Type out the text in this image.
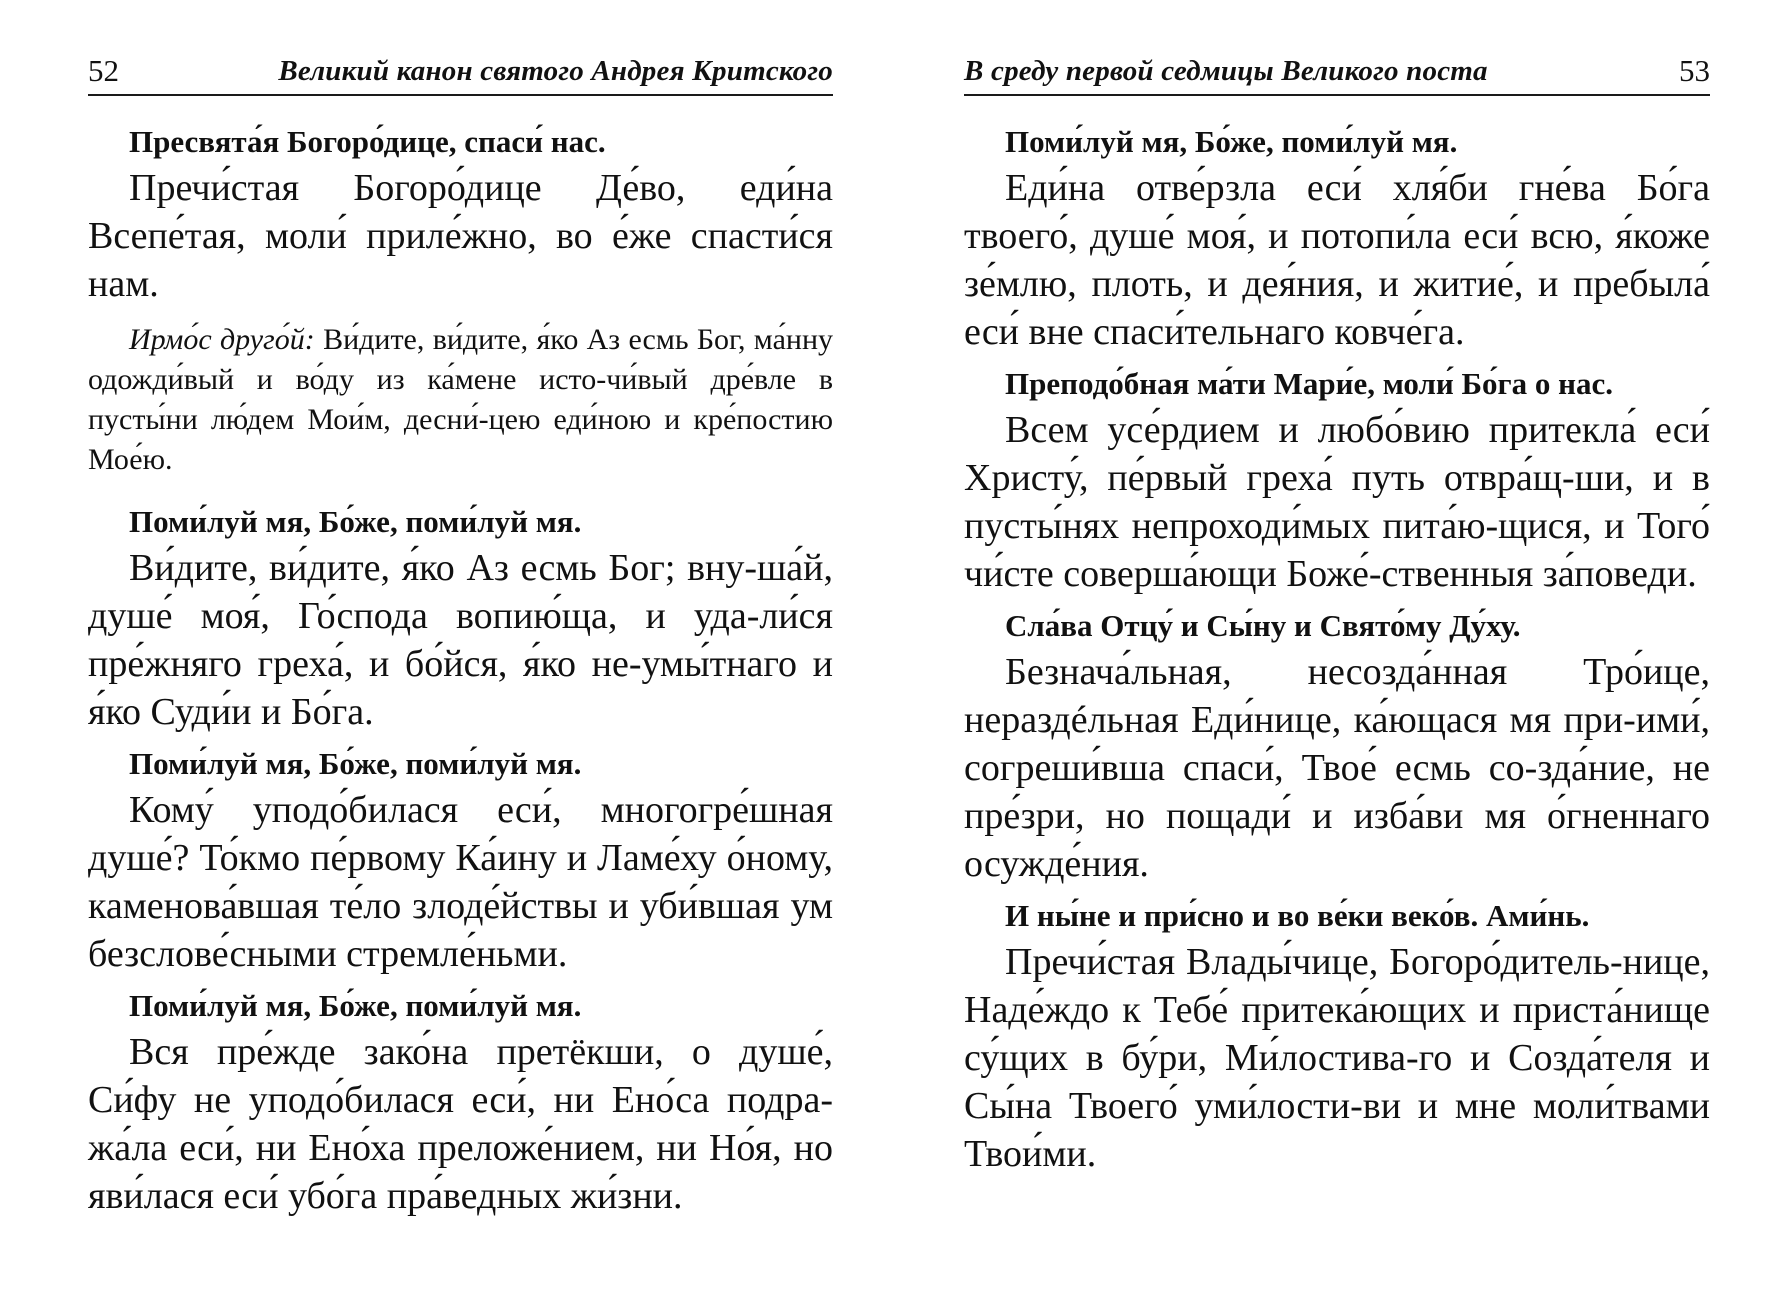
52	Великий канон святого Андрея Критского

Пресвята́я Богоро́дице, спаси́ нас.

Пречи́стая Богоро́дице Де́во, еди́на Всепе́тая, моли́ приле́жно, во е́же спасти́ся нам.

Ирмо́с друго́й: Ви́дите, ви́дите, я́ко Аз есмь Бог, ма́нну одожди́вый и во́ду из ка́мене исто-чи́вый дре́вле в пусты́ни лю́дем Мои́м, десни́-цею еди́ною и кре́постию Мое́ю.

Поми́луй мя, Бо́же, поми́луй мя.

Ви́дите, ви́дите, я́ко Аз есмь Бог; вну-ша́й, душе́ моя́, Го́спода вопию́ща, и уда-ли́ся пре́жняго греха́, и бо́йся, я́ко не-умы́тнаго и я́ко Суди́и и Бо́га.

Поми́луй мя, Бо́же, поми́луй мя.

Кому́ уподо́билася еси́, многогре́шная душе́? То́кмо пе́рвому Ка́ину и Ламе́ху о́ному, каменова́вшая те́ло злоде́йствы и уби́вшая ум безслове́сными стремле́ньми.

Поми́луй мя, Бо́же, поми́луй мя.

Вся пре́жде зако́на претёкши, о душе́, Си́фу не уподо́билася еси́, ни Ено́са подра-жа́ла еси́, ни Ено́ха преложе́нием, ни Но́я, но яви́лася еси́ убо́га пра́ведных жи́зни.

В среду первой седмицы Великого поста	53

Поми́луй мя, Бо́же, поми́луй мя.

Еди́на отве́рзла еси́ хля́би гне́ва Бо́га твоего́, душе́ моя́, и потопи́ла еси́ всю, я́коже зе́млю, плоть, и дея́ния, и житие́, и пребыла́ еси́ вне спаси́тельнаго ковче́га.

Преподо́бная ма́ти Мари́е, моли́ Бо́га о нас.

Всем усе́рдием и любо́вию притекла́ еси́ Христу́, пе́рвый греха́ путь отвра́щ-ши, и в пусты́нях непроходи́мых пита́ю-щися, и Того́ чи́сте соверша́ющи Боже́-ственныя за́поведи.

Сла́ва Отцу́ и Сы́ну и Свято́му Ду́ху.

Безнача́льная, несозда́нная Тро́ице, нераздéльная Еди́нице, ка́ющася мя при-ими́, согреши́вша спаси́, Твое́ есмь со-зда́ние, не пре́зри, но пощади́ и изба́ви мя о́гненнаго осужде́ния.

И ны́не и при́сно и во ве́ки веко́в. Ами́нь.

Пречи́стая Влады́чице, Богоро́дитель-нице, Наде́ждо к Тебе́ притека́ющих и приста́нище су́щих в бу́ри, Ми́лостива-го и Созда́теля и Сы́на Твоего́ уми́лости-ви и мне моли́твами Твои́ми.
